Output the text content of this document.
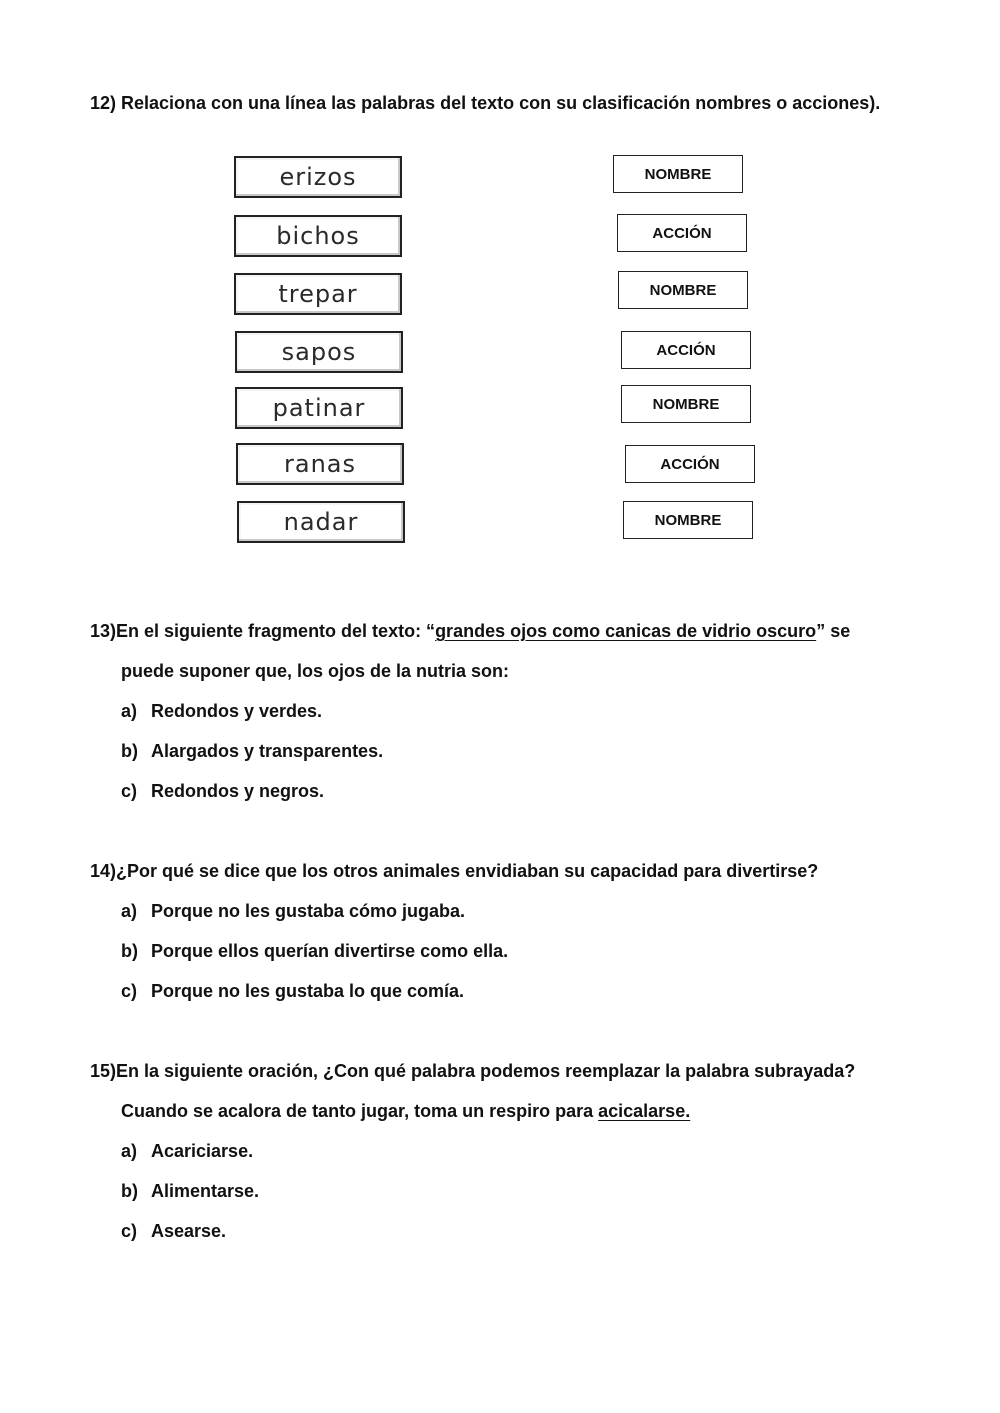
12) Relaciona con una línea las palabras del texto con su clasificación nombres o acciones).
erizos
bichos
trepar
sapos
patinar
ranas
nadar
NOMBRE
ACCIÓN
NOMBRE
ACCIÓN
NOMBRE
ACCIÓN
NOMBRE
13)En el siguiente fragmento del texto: “grandes ojos como canicas de vidrio oscuro” se
puede suponer que, los ojos de la nutria son:
a) Redondos y verdes.
b) Alargados y transparentes.
c) Redondos y negros.
14)¿Por qué se dice que los otros animales envidiaban su capacidad para divertirse?
a) Porque no les gustaba cómo jugaba.
b) Porque ellos querían divertirse como ella.
c) Porque no les gustaba lo que comía.
15)En la siguiente oración, ¿Con qué palabra podemos reemplazar la palabra subrayada?
Cuando se acalora de tanto jugar, toma un respiro para acicalarse.
a) Acariciarse.
b) Alimentarse.
c) Asearse.
